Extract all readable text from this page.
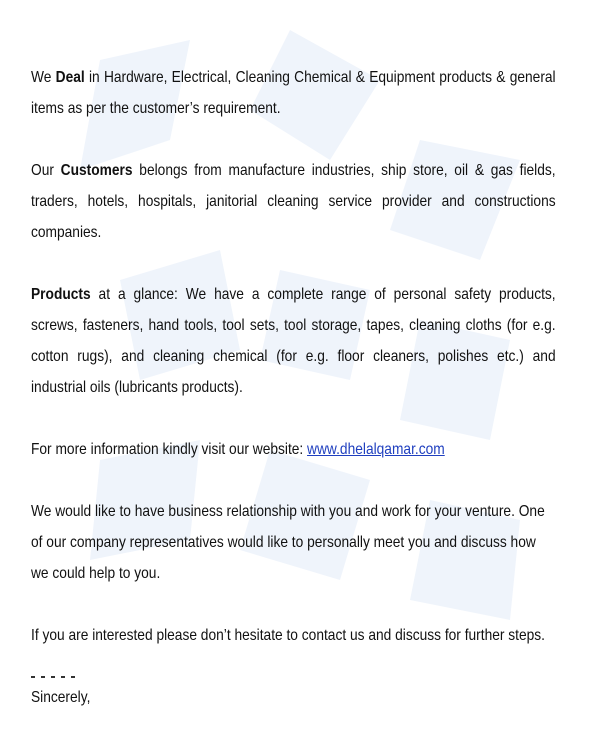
We Deal in Hardware, Electrical, Cleaning Chemical & Equipment products & general items as per the customer’s requirement.

Our Customers belongs from manufacture industries, ship store, oil & gas fields, traders, hotels, hospitals, janitorial cleaning service provider and constructions companies.

Products at a glance: We have a complete range of personal safety products, screws, fasteners, hand tools, tool sets, tool storage, tapes, cleaning cloths (for e.g. cotton rugs), and cleaning chemical (for e.g. floor cleaners, polishes etc.) and industrial oils (lubricants products).

For more information kindly visit our website: www.dhelalqamar.com

We would like to have business relationship with you and work for your venture. One of our company representatives would like to personally meet you and discuss how we could help to you.

If you are interested please don’t hesitate to contact us and discuss for further steps.

Sincerely,
